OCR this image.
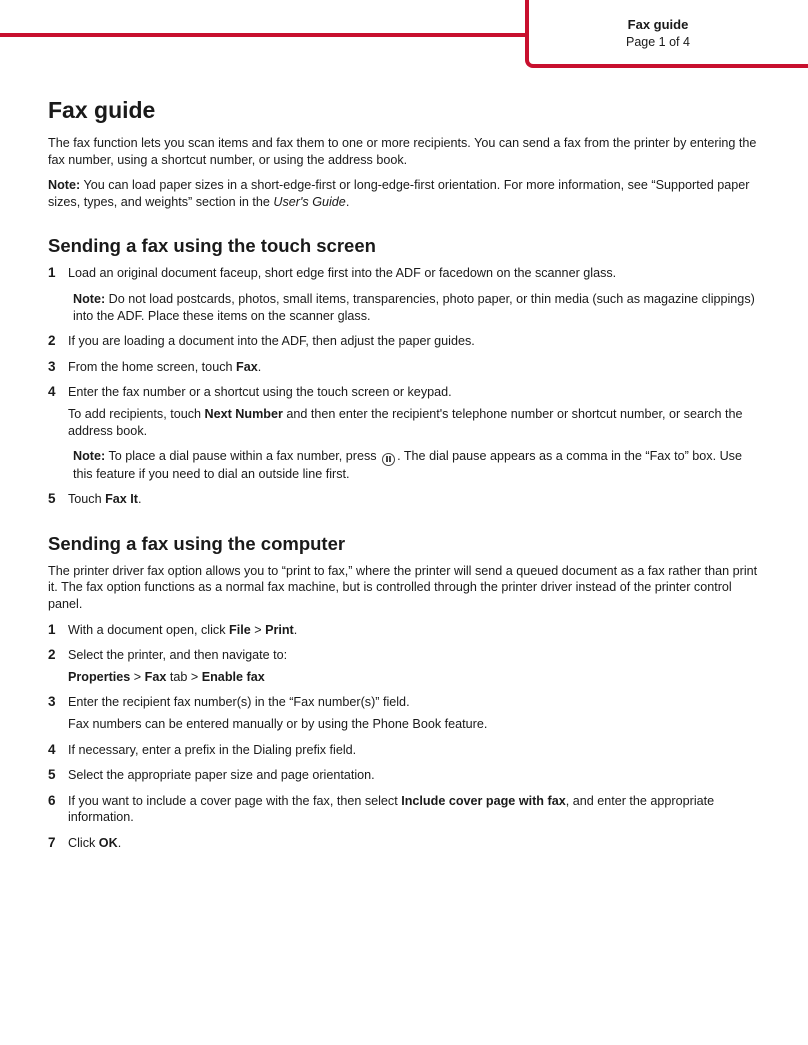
Fax guide
Page 1 of 4
Fax guide

The fax function lets you scan items and fax them to one or more recipients. You can send a fax from the printer by entering the fax number, using a shortcut number, or using the address book.

Note: You can load paper sizes in a short-edge-first or long-edge-first orientation. For more information, see “Supported paper sizes, types, and weights” section in the User's Guide.

Sending a fax using the touch screen
1 Load an original document faceup, short edge first into the ADF or facedown on the scanner glass.
Note: Do not load postcards, photos, small items, transparencies, photo paper, or thin media (such as magazine clippings) into the ADF. Place these items on the scanner glass.
2 If you are loading a document into the ADF, then adjust the paper guides.
3 From the home screen, touch Fax.
4 Enter the fax number or a shortcut using the touch screen or keypad.
To add recipients, touch Next Number and then enter the recipient's telephone number or shortcut number, or search the address book.
Note: To place a dial pause within a fax number, press
. The dial pause appears as a comma in the “Fax to” box. Use this feature if you need to dial an outside line first.
5 Touch Fax It.
Sending a fax using the computer

The printer driver fax option allows you to “print to fax,” where the printer will send a queued document as a fax rather than print it. The fax option functions as a normal fax machine, but is controlled through the printer driver instead of the printer control panel.

1 With a document open, click File > Print.
2 Select the printer, and then navigate to:
Properties > Fax tab > Enable fax
3 Enter the recipient fax number(s) in the “Fax number(s)” field.
Fax numbers can be entered manually or by using the Phone Book feature.
4 If necessary, enter a prefix in the Dialing prefix field.
5 Select the appropriate paper size and page orientation.
6 If you want to include a cover page with the fax, then select Include cover page with fax, and enter the appropriate information.
7 Click OK.
